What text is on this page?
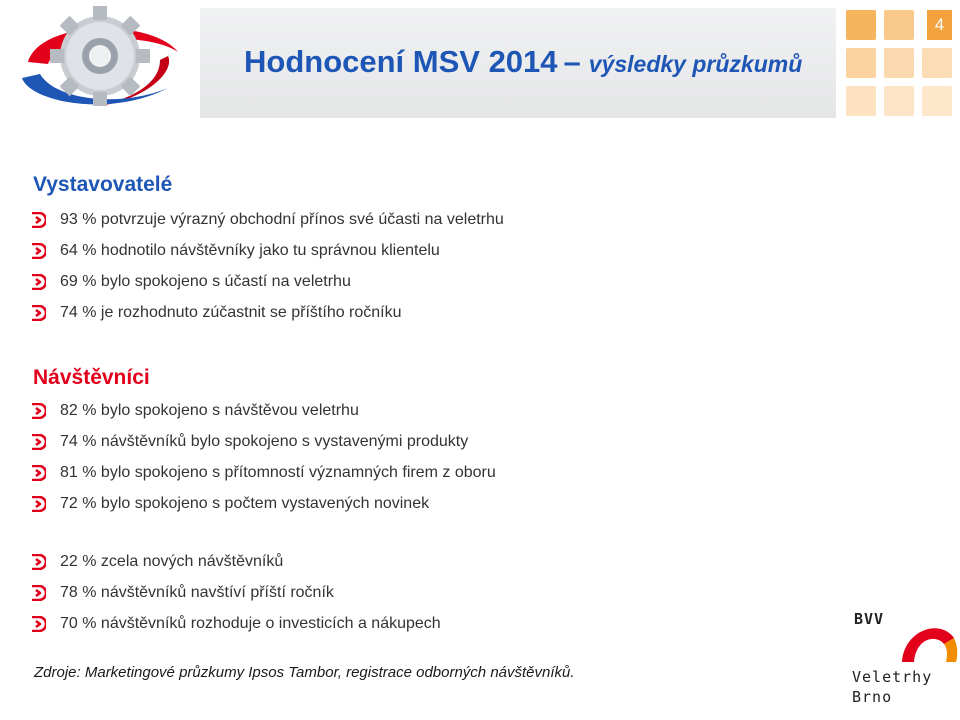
Hodnocení MSV 2014 – výsledky průzkumů
4
Vystavovatelé
93 % potvrzuje výrazný obchodní přínos své účasti na veletrhu
64 % hodnotilo návštěvníky jako tu správnou klientelu
69 % bylo spokojeno s účastí na veletrhu
74 % je rozhodnuto zúčastnit se příštího ročníku
Návštěvníci
82 % bylo spokojeno s návštěvou veletrhu
74 % návštěvníků bylo spokojeno s vystavenými produkty
81 % bylo spokojeno s přítomností významných firem z oboru
72 % bylo spokojeno s počtem vystavených novinek
22 % zcela nových návštěvníků
78 % návštěvníků navštíví příští ročník
70 % návštěvníků rozhoduje o investicích a nákupech
Zdroje: Marketingové průzkumy Ipsos Tambor, registrace odborných návštěvníků.
BVV
Veletrhy
Brno
